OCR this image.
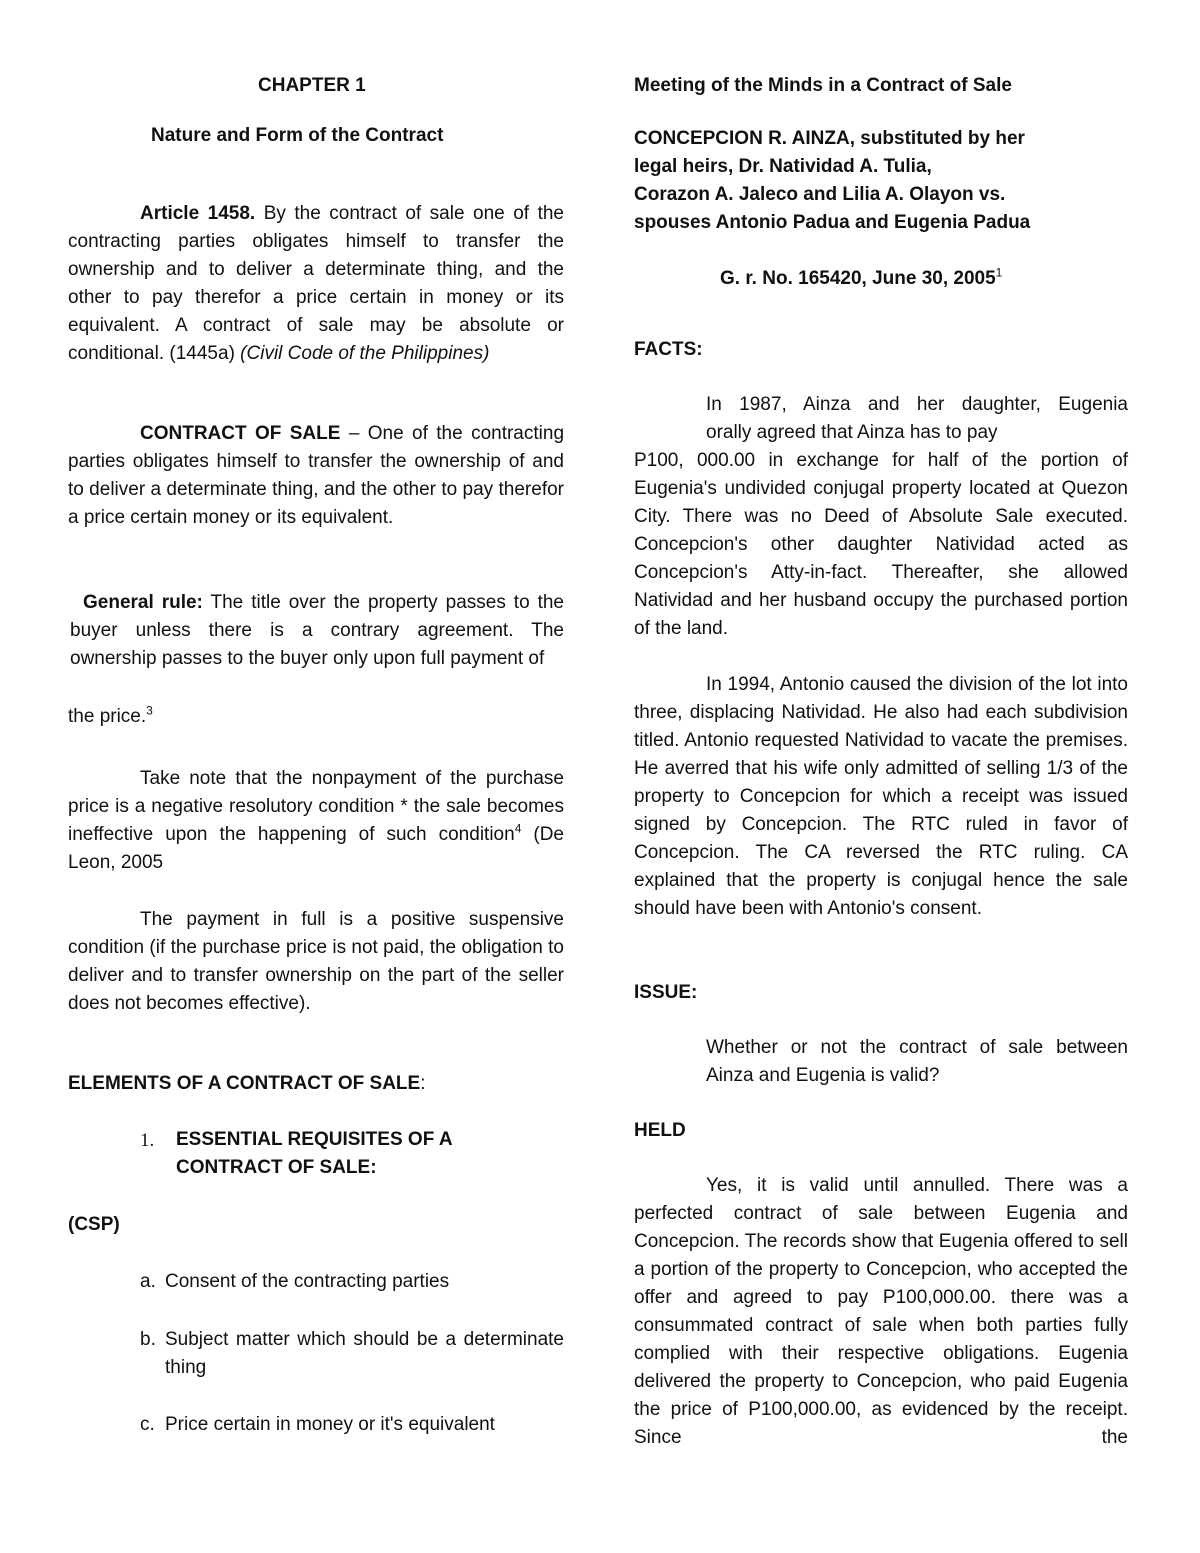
CHAPTER 1

Nature and Form of the Contract

Article 1458. By the contract of sale one of the contracting parties obligates himself to transfer the ownership and to deliver a determinate thing, and the other to pay therefor a price certain in money or its equivalent. A contract of sale may be absolute or conditional. (1445a) (Civil Code of the Philippines)

CONTRACT OF SALE – One of the contracting parties obligates himself to transfer the ownership of and to deliver a determinate thing, and the other to pay therefor a price certain money or its equivalent.

General rule: The title over the property passes to the buyer unless there is a contrary agreement. The ownership passes to the buyer only upon full payment of

the price.$^3$

Take note that the nonpayment of the purchase price is a negative resolutory condition * the sale becomes ineffective upon the happening of such condition$^4$ (De Leon, 2005

The payment in full is a positive suspensive condition (if the purchase price is not paid, the obligation to deliver and to transfer ownership on the part of the seller does not becomes effective).

ELEMENTS OF A CONTRACT OF SALE:

1. ESSENTIAL REQUISITES OF A

CONTRACT OF SALE:

(CSP)

a. Consent of the contracting parties

b. Subject matter which should be a determinate thing

c. Price certain in money or it's equivalent

Meeting of the Minds in a Contract of Sale

CONCEPCION R. AINZA, substituted by her

legal heirs, Dr. Natividad A. Tulia,

Corazon A. Jaleco and Lilia A. Olayon vs.

spouses Antonio Padua and Eugenia Padua

G. r. No. 165420, June 30, 2005$^1$

FACTS:

In 1987, Ainza and her daughter, Eugenia

orally agreed that Ainza has to pay

P100, 000.00 in exchange for half of the portion of Eugenia's undivided conjugal property located at Quezon City. There was no Deed of Absolute Sale executed. Concepcion's other daughter Natividad acted as Concepcion's Atty-in-fact. Thereafter, she allowed Natividad and her husband occupy the purchased portion of the land.

In 1994, Antonio caused the division of the lot into three, displacing Natividad. He also had each subdivision titled. Antonio requested Natividad to vacate the premises. He averred that his wife only admitted of selling 1/3 of the property to Concepcion for which a receipt was issued signed by Concepcion. The RTC ruled in favor of Concepcion. The CA reversed the RTC ruling. CA explained that the property is conjugal hence the sale should have been with Antonio's consent.

ISSUE:

Whether or not the contract of sale between

Ainza and Eugenia is valid?

HELD

Yes, it is valid until annulled. There was a perfected contract of sale between Eugenia and Concepcion. The records show that Eugenia offered to sell a portion of the property to Concepcion, who accepted the offer and agreed to pay P100,000.00. there was a consummated contract of sale when both parties fully complied with their respective obligations. Eugenia delivered the property to Concepcion, who paid Eugenia the price of P100,000.00, as evidenced by the receipt. Since the
